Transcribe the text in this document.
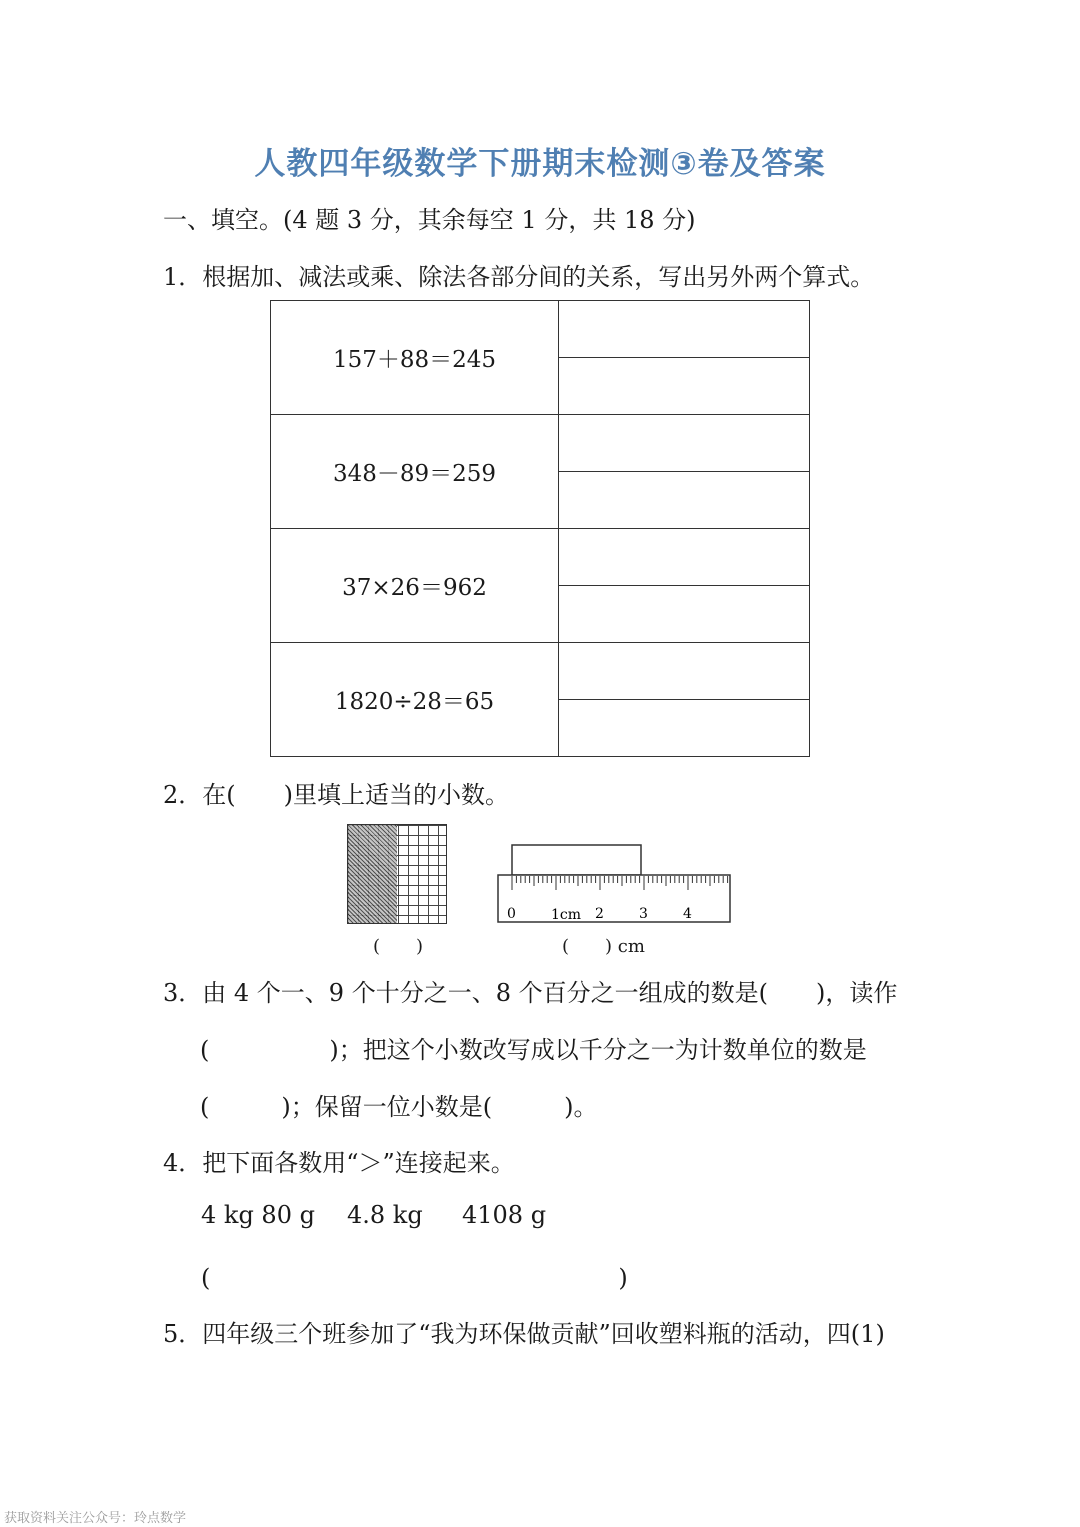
人教四年级数学下册期末检测③卷及答案
一、填空。(4 题 3 分，其余每空 1 分，共 18 分)
1．根据加、减法或乘、除法各部分间的关系，写出另外两个算式。
157＋88＝245	

348－89＝259	

37×26＝962	

1820÷28＝65	

2．在(　　)里填上适当的小数。
(　　)
0	1cm 2	3	4
(　　) cm
3．由 4 个一、9 个十分之一、8 个百分之一组成的数是(　　)，读作
(　　　　　)；把这个小数改写成以千分之一为计数单位的数是
(　　　)；保留一位小数是(　　　)。
4．把下面各数用“＞”连接起来。
4 kg 80 g 4.8 kg 4108 g
(　　　　　　　　　　　　　　　　　)
5．四年级三个班参加了“我为环保做贡献”回收塑料瓶的活动，四(1)
获取资料关注公众号：玲点数学
